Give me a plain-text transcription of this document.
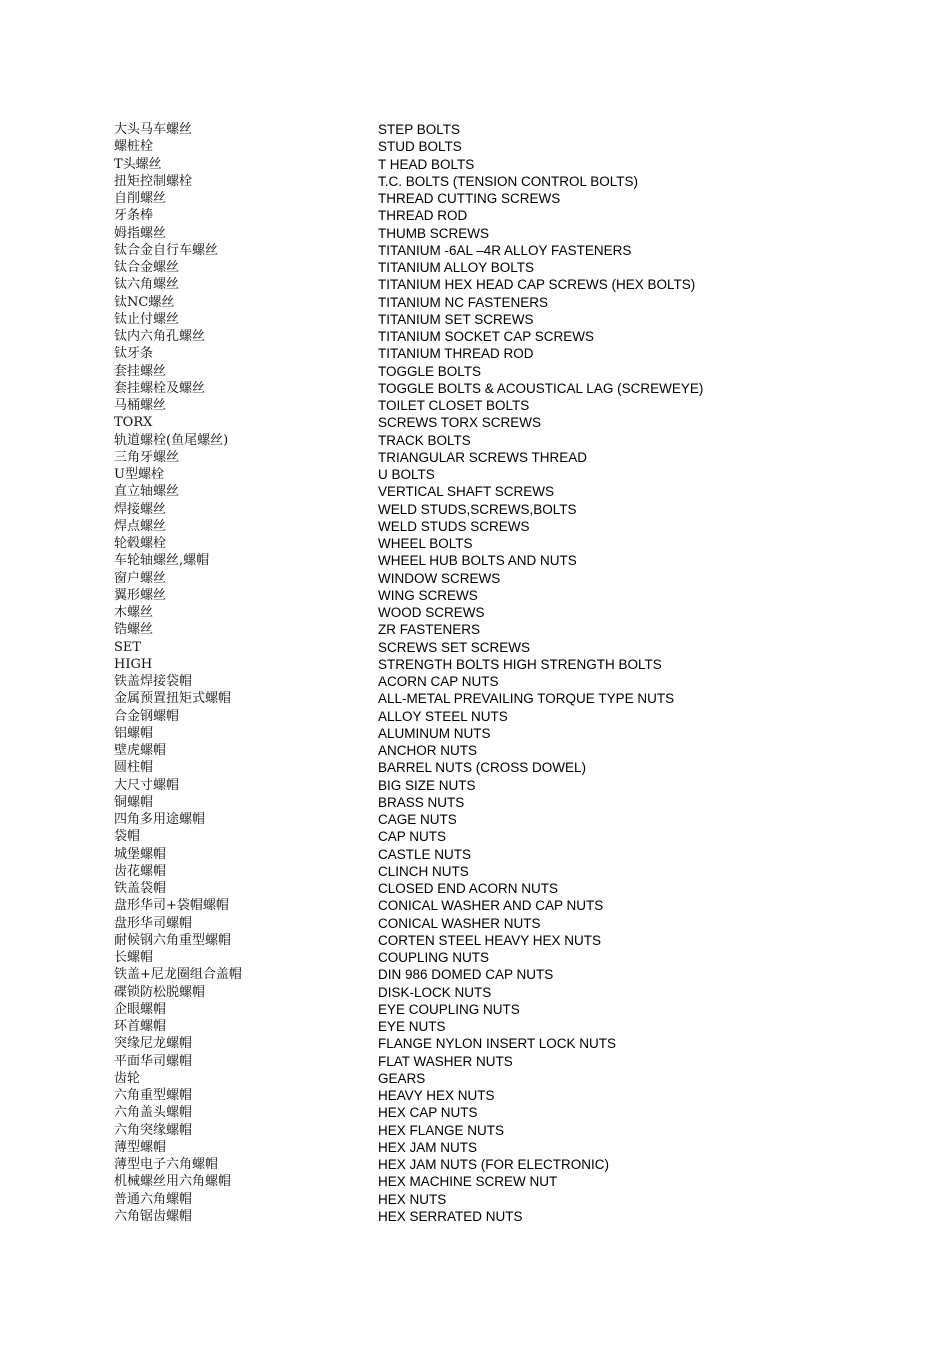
大头马车螺丝	STEP BOLTS
螺桩栓	STUD BOLTS
T头螺丝	T HEAD BOLTS
扭矩控制螺栓	T.C. BOLTS (TENSION CONTROL BOLTS)
自削螺丝	THREAD CUTTING SCREWS
牙条棒	THREAD ROD
姆指螺丝	THUMB SCREWS
钛合金自行车螺丝	TITANIUM -6AL –4R ALLOY FASTENERS
钛合金螺丝	TITANIUM ALLOY BOLTS
钛六角螺丝	TITANIUM HEX HEAD CAP SCREWS (HEX BOLTS)
钛NC螺丝	TITANIUM NC FASTENERS
钛止付螺丝	TITANIUM SET SCREWS
钛内六角孔螺丝	TITANIUM SOCKET CAP SCREWS
钛牙条	TITANIUM THREAD ROD
套挂螺丝	TOGGLE BOLTS
套挂螺栓及螺丝	TOGGLE BOLTS & ACOUSTICAL LAG (SCREWEYE)
马桶螺丝	TOILET CLOSET BOLTS
TORX	SCREWS TORX SCREWS
轨道螺栓(鱼尾螺丝)	TRACK BOLTS
三角牙螺丝	TRIANGULAR SCREWS THREAD
U型螺栓	U BOLTS
直立轴螺丝	VERTICAL SHAFT SCREWS
焊接螺丝	WELD STUDS,SCREWS,BOLTS
焊点螺丝	WELD STUDS SCREWS
轮毂螺栓	WHEEL BOLTS
车轮轴螺丝,螺帽	WHEEL HUB BOLTS AND NUTS
窗户螺丝	WINDOW SCREWS
翼形螺丝	WING SCREWS
木螺丝	WOOD SCREWS
锆螺丝	ZR FASTENERS
SET	SCREWS SET SCREWS
HIGH	STRENGTH BOLTS HIGH STRENGTH BOLTS
铁盖焊接袋帽	ACORN CAP NUTS
金属预置扭矩式螺帽	ALL-METAL PREVAILING TORQUE TYPE NUTS
合金钢螺帽	ALLOY STEEL NUTS
铝螺帽	ALUMINUM NUTS
壁虎螺帽	ANCHOR NUTS
圆柱帽	BARREL NUTS (CROSS DOWEL)
大尺寸螺帽	BIG SIZE NUTS
铜螺帽	BRASS NUTS
四角多用途螺帽	CAGE NUTS
袋帽	CAP NUTS
城堡螺帽	CASTLE NUTS
齿花螺帽	CLINCH NUTS
铁盖袋帽	CLOSED END ACORN NUTS
盘形华司+袋帽螺帽	CONICAL WASHER AND CAP NUTS
盘形华司螺帽	CONICAL WASHER NUTS
耐候钢六角重型螺帽	CORTEN STEEL HEAVY HEX NUTS
长螺帽	COUPLING NUTS
铁盖+尼龙圈组合盖帽	DIN 986 DOMED CAP NUTS
碟锁防松脱螺帽	DISK-LOCK NUTS
企眼螺帽	EYE COUPLING NUTS
环首螺帽	EYE NUTS
突缘尼龙螺帽	FLANGE NYLON INSERT LOCK NUTS
平面华司螺帽	FLAT WASHER NUTS
齿轮	GEARS
六角重型螺帽	HEAVY HEX NUTS
六角盖头螺帽	HEX CAP NUTS
六角突缘螺帽	HEX FLANGE NUTS
薄型螺帽	HEX JAM NUTS
薄型电子六角螺帽	HEX JAM NUTS (FOR ELECTRONIC)
机械螺丝用六角螺帽	HEX MACHINE SCREW NUT
普通六角螺帽	HEX NUTS
六角锯齿螺帽	HEX SERRATED NUTS
